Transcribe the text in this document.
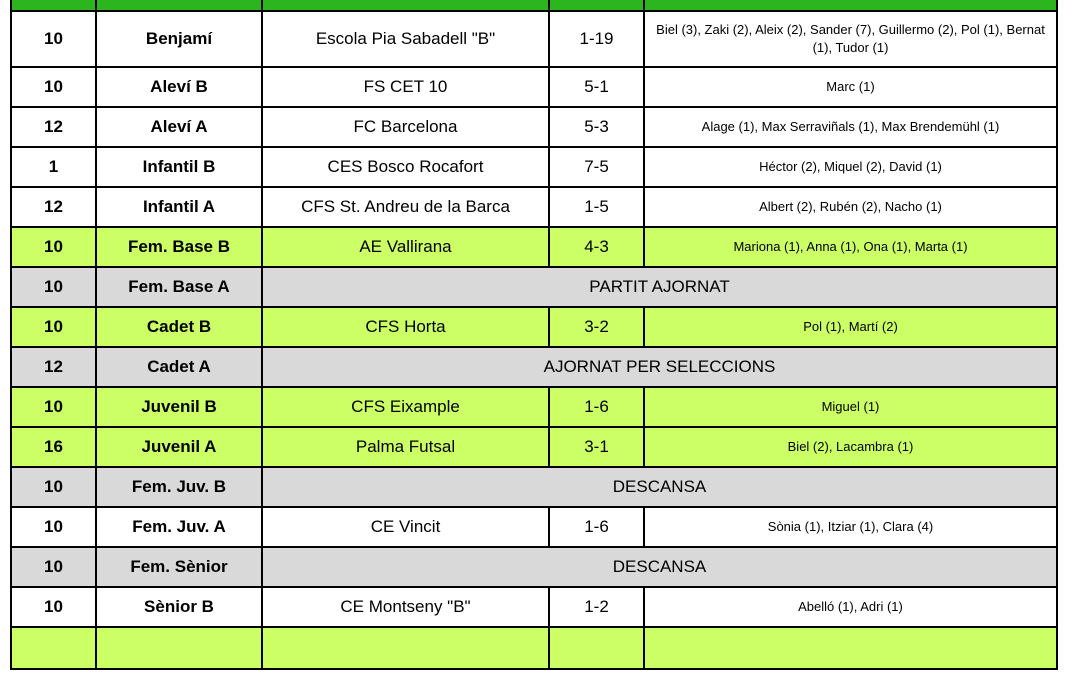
10	Benjamí	Escola Pia Sabadell "B"	1-19	Biel (3), Zaki (2), Aleix (2), Sander (7), Guillermo (2), Pol (1), Bernat (1), Tudor (1)
10	Aleví B	FS CET 10	5-1	Marc (1)
12	Aleví A	FC Barcelona	5-3	Alage (1), Max Serraviñals (1), Max Brendemühl (1)
1	Infantil B	CES Bosco Rocafort	7-5	Héctor (2), Miquel (2), David (1)
12	Infantil A	CFS St. Andreu de la Barca	1-5	Albert (2), Rubén (2), Nacho (1)
10	Fem. Base B	AE Vallirana	4-3	Mariona (1), Anna (1), Ona (1), Marta (1)
10	Fem. Base A	PARTIT AJORNAT		
10	Cadet B	CFS Horta	3-2	Pol (1), Martí (2)
12	Cadet A	AJORNAT PER SELECCIONS		
10	Juvenil B	CFS Eixample	1-6	Miguel (1)
16	Juvenil A	Palma Futsal	3-1	Biel (2), Lacambra (1)
10	Fem. Juv. B	DESCANSA		
10	Fem. Juv. A	CE Vincit	1-6	Sònia (1), Itziar (1), Clara (4)
10	Fem. Sènior	DESCANSA		
10	Sènior B	CE Montseny "B"	1-2	Abelló (1), Adri (1)
